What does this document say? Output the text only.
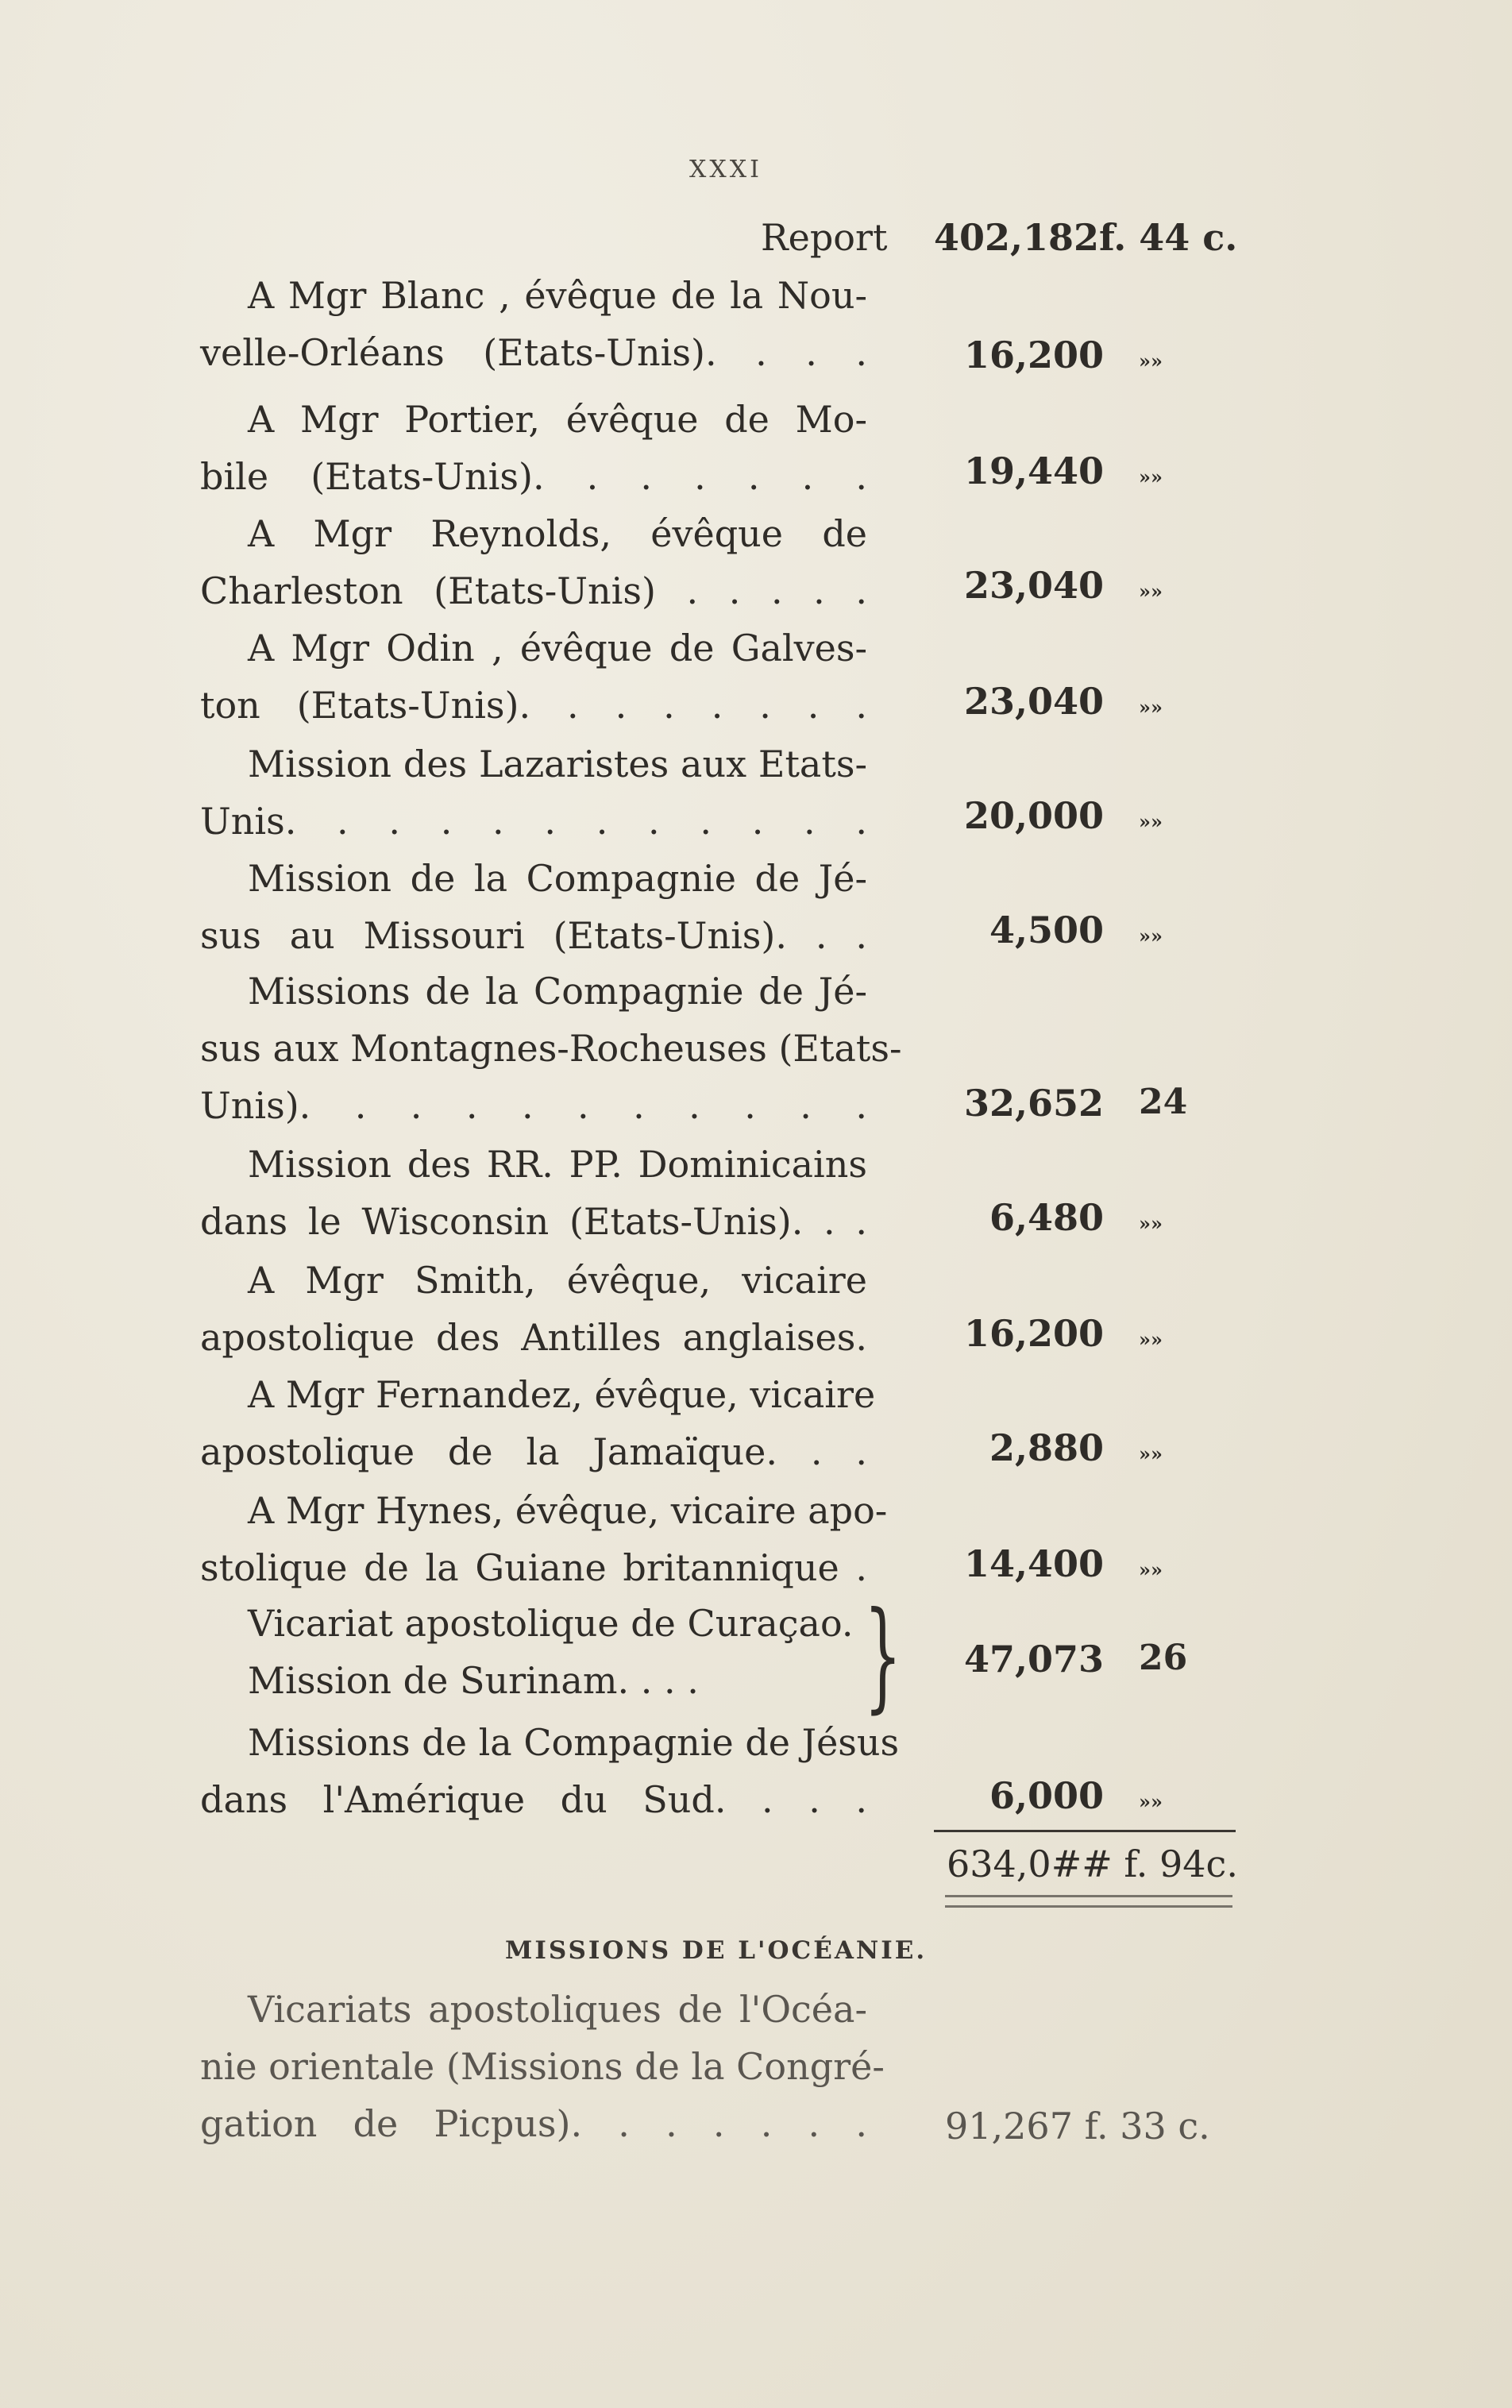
XXXI
Report 402,182f. 44 c.
A Mgr Blanc , évêque de la Nou-
velle-Orléans (Etats-Unis). . . .	16,200 »»
A Mgr Portier, évêque de Mo-
bile (Etats-Unis). . . . . . .	19,440 »»
A Mgr Reynolds, évêque de
Charleston (Etats-Unis) . . . . .	23,040 »»
A Mgr Odin , évêque de Galves-
ton (Etats-Unis). . . . . . . .	23,040 »»
Mission des Lazaristes aux Etats-
Unis. . . . . . . . . . . .	20,000 »»
Mission de la Compagnie de Jé-
sus au Missouri (Etats-Unis). . .	4,500 »»
Missions de la Compagnie de Jé-
sus aux Montagnes-Rocheuses (Etats-
Unis). . . . . . . . . . .	32,652 24
Mission des RR. PP. Dominicains
dans le Wisconsin (Etats-Unis). . .	6,480 »»
A Mgr Smith, évêque, vicaire
apostolique des Antilles anglaises.	16,200 »»
A Mgr Fernandez, évêque, vicaire
apostolique de la Jamaïque. . .	2,880 »»
A Mgr Hynes, évêque, vicaire apo-
stolique de la Guiane britannique .	14,400 »»
Vicariat apostolique de Curaçao.
Mission de Surinam. . . .	}	47,073 26
Missions de la Compagnie de Jésus
dans l'Amérique du Sud. . . .	6,000 »»
634,0## f. 94c.
MISSIONS DE L'OCÉANIE.
Vicariats apostoliques de l'Océa-
nie orientale (Missions de la Congré-
gation de Picpus). . . . . . . 91,267 f. 33 c.
